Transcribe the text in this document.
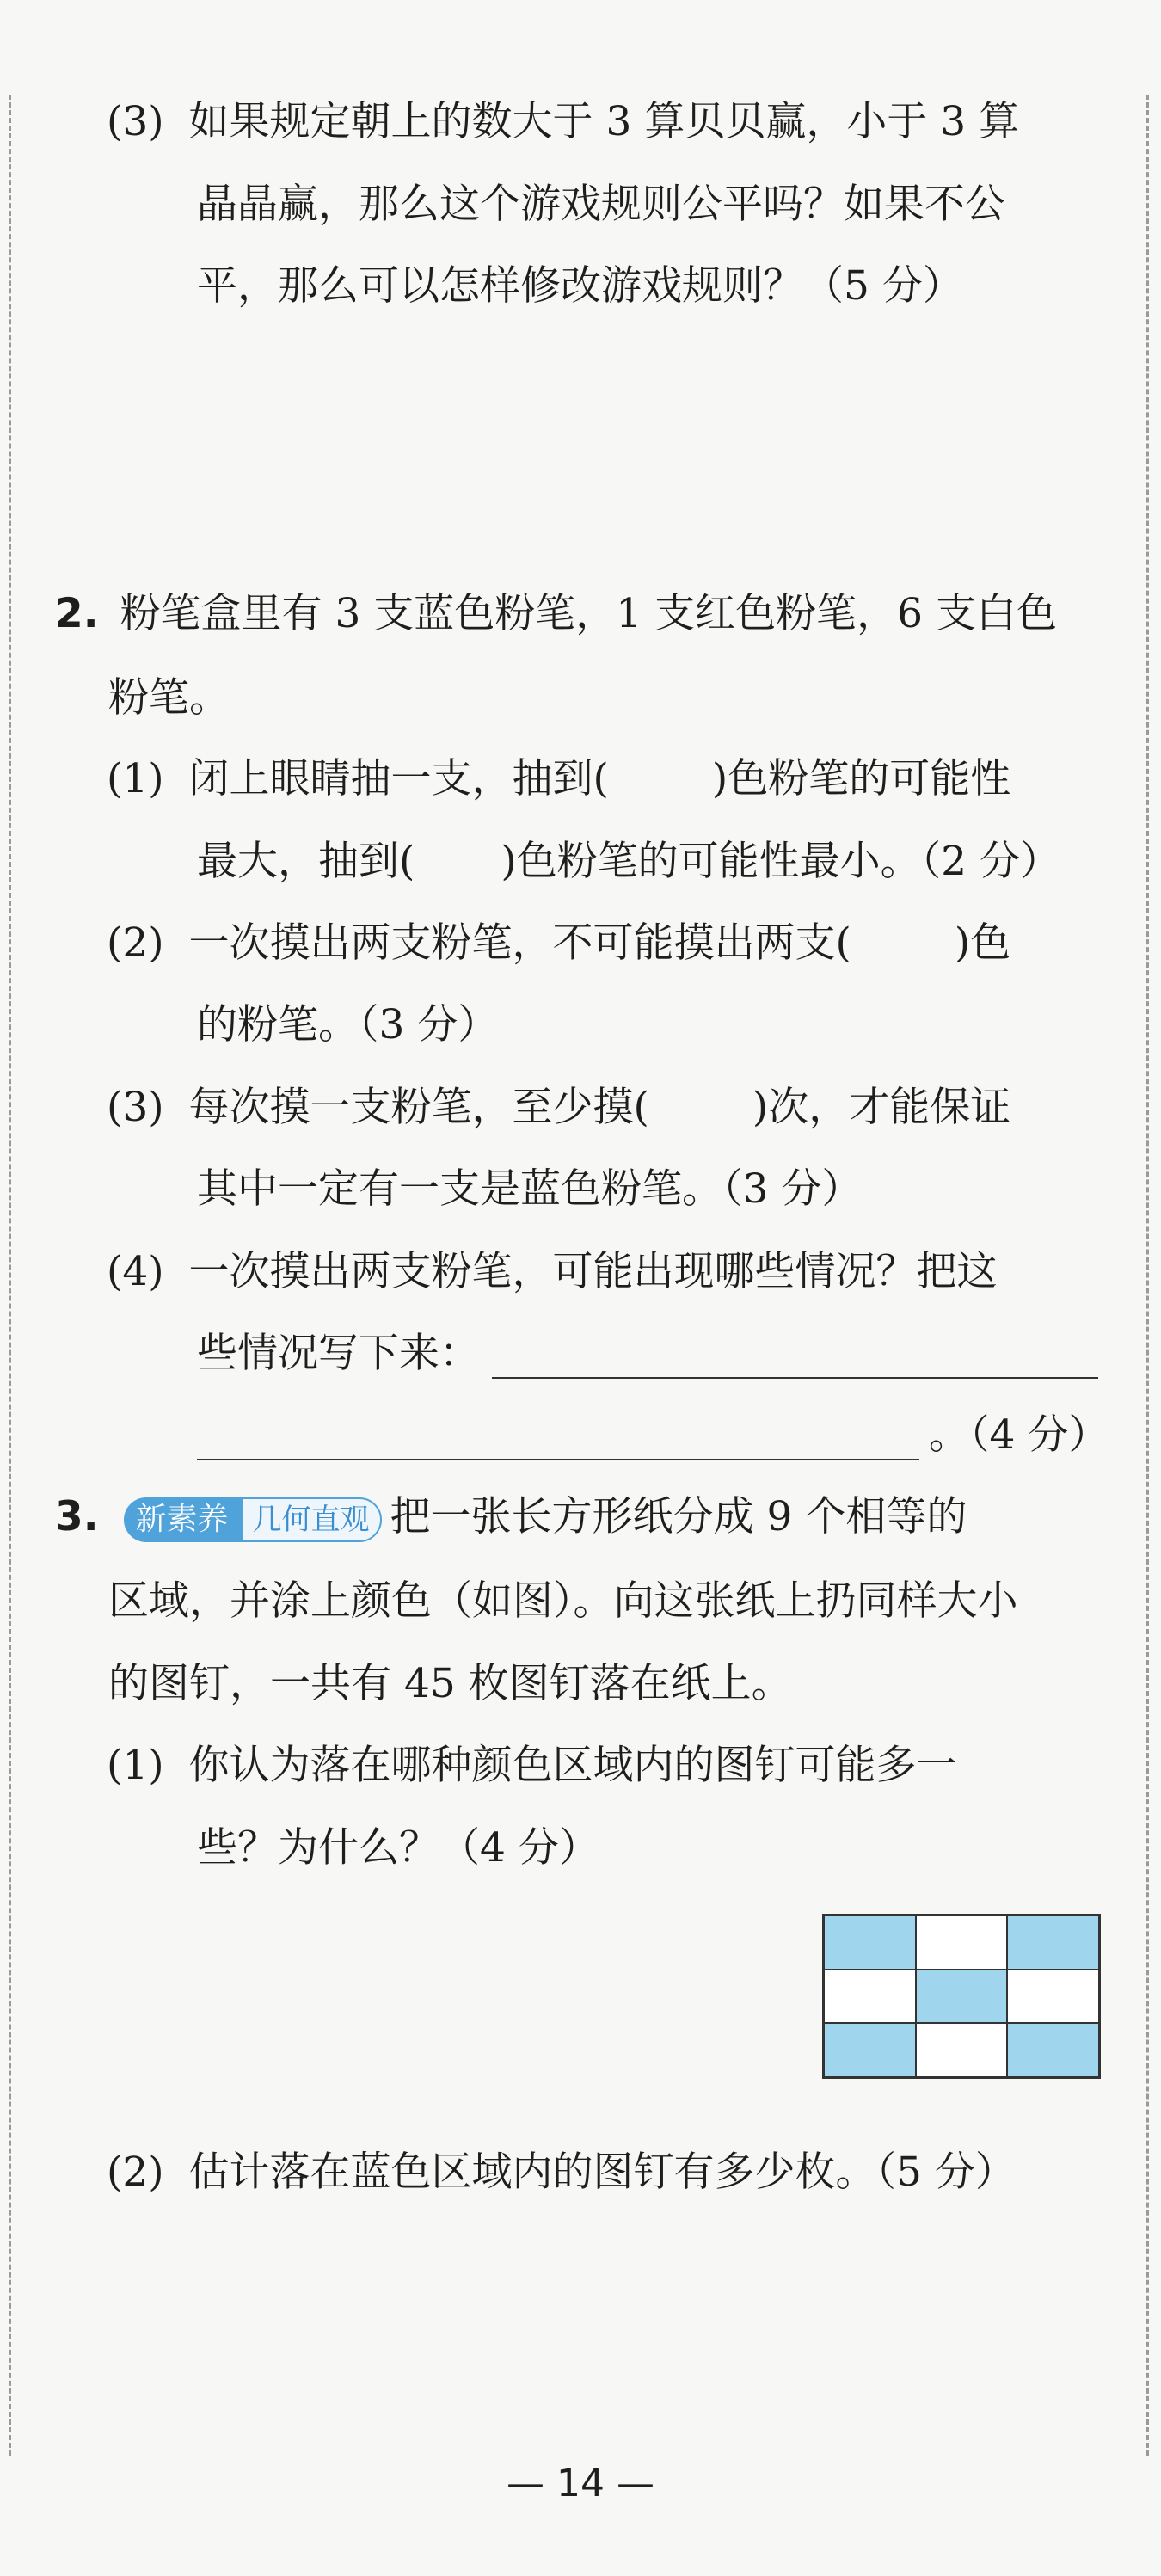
(3) 如果规定朝上的数大于 3 算贝贝赢，小于 3 算
晶晶赢，那么这个游戏规则公平吗？如果不公
平，那么可以怎样修改游戏规则？（5 分）
2. 粉笔盒里有 3 支蓝色粉笔，1 支红色粉笔，6 支白色
粉笔。
(1) 闭上眼睛抽一支，抽到(	)色粉笔的可能性
最大，抽到( )色粉笔的可能性最小。（2 分）
(2) 一次摸出两支粉笔，不可能摸出两支(	)色
的粉笔。（3 分）
(3) 每次摸一支粉笔，至少摸(	)次，才能保证
其中一定有一支是蓝色粉笔。（3 分）
(4) 一次摸出两支粉笔，可能出现哪些情况？把这
些情况写下来：
。（4 分）
3.	新素养 几何直观 把一张长方形纸分成 9 个相等的
区域，并涂上颜色（如图）。向这张纸上扔同样大小
的图钉，一共有 45 枚图钉落在纸上。
(1) 你认为落在哪种颜色区域内的图钉可能多一
些？为什么？（4 分）
(2) 估计落在蓝色区域内的图钉有多少枚。（5 分）
— 14 —
